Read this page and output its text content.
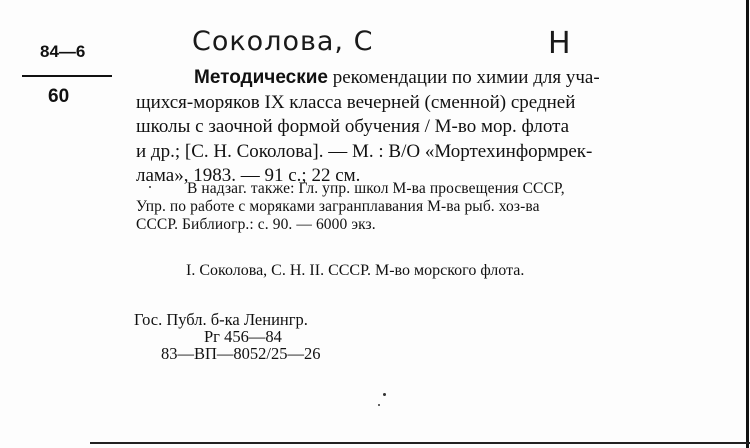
84—6
60
Соколова, С	Н

Методические рекомендации по химии для уча-

щихся-моряков IX класса вечерней (сменной) средней

школы с заочной формой обучения / М-во мор. флота

и др.; [С. Н. Соколова]. — М. : В/О «Мортехинформрек-

лама», 1983. — 91 с.; 22 см.

В надзаг. также: Гл. упр. школ М-ва просвещения СССР,

Упр. по работе с моряками загранплавания М-ва рыб. хоз-ва

СССР. Библиогр.: с. 90. — 6000 экз.

I. Соколова, С. Н. II. СССР. М-во морского флота.
Гос. Публ. б-ка Ленингр.
Рг 456—84
83—ВП—8052/25—26
